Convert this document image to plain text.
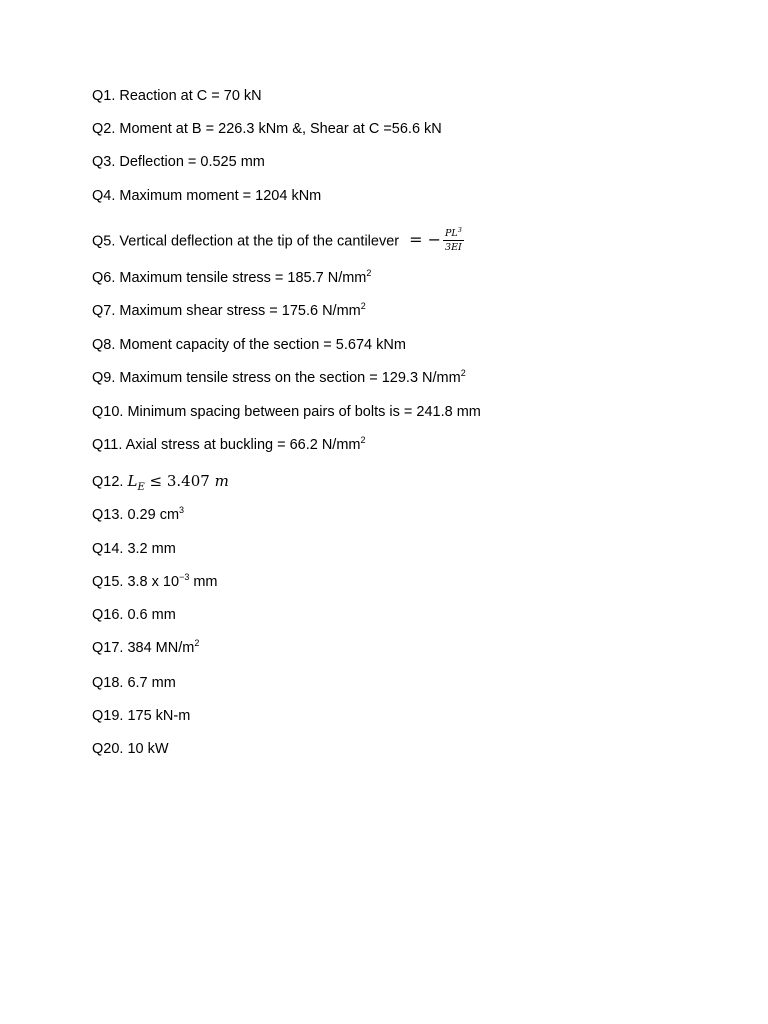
Q1. Reaction at C = 70 kN
Q2. Moment at B = 226.3 kNm &, Shear at C =56.6 kN
Q3. Deflection = 0.525 mm
Q4. Maximum moment = 1204 kNm
Q5. Vertical deflection at the tip of the cantilever = − $\frac{PL^3}{3EI}$
Q6. Maximum tensile stress = 185.7 $N/mm^2$
Q7. Maximum shear stress = 175.6 $N/mm^2$
Q8. Moment capacity of the section = 5.674 kNm
Q9. Maximum tensile stress on the section = 129.3 $N/mm^2$
Q10. Minimum spacing between pairs of bolts is = 241.8 mm
Q11. Axial stress at buckling = 66.2 $N/mm^2$
Q12. $L_E \le 3.407$ m
Q13. 0.29 $cm^3$
Q14. 3.2 mm
Q15. 3.8 x $10^{-3}$ mm
Q16. 0.6 mm
Q17. 384 $MN/m^2$
Q18. 6.7 mm
Q19. 175 kN-m
Q20. 10 kW
